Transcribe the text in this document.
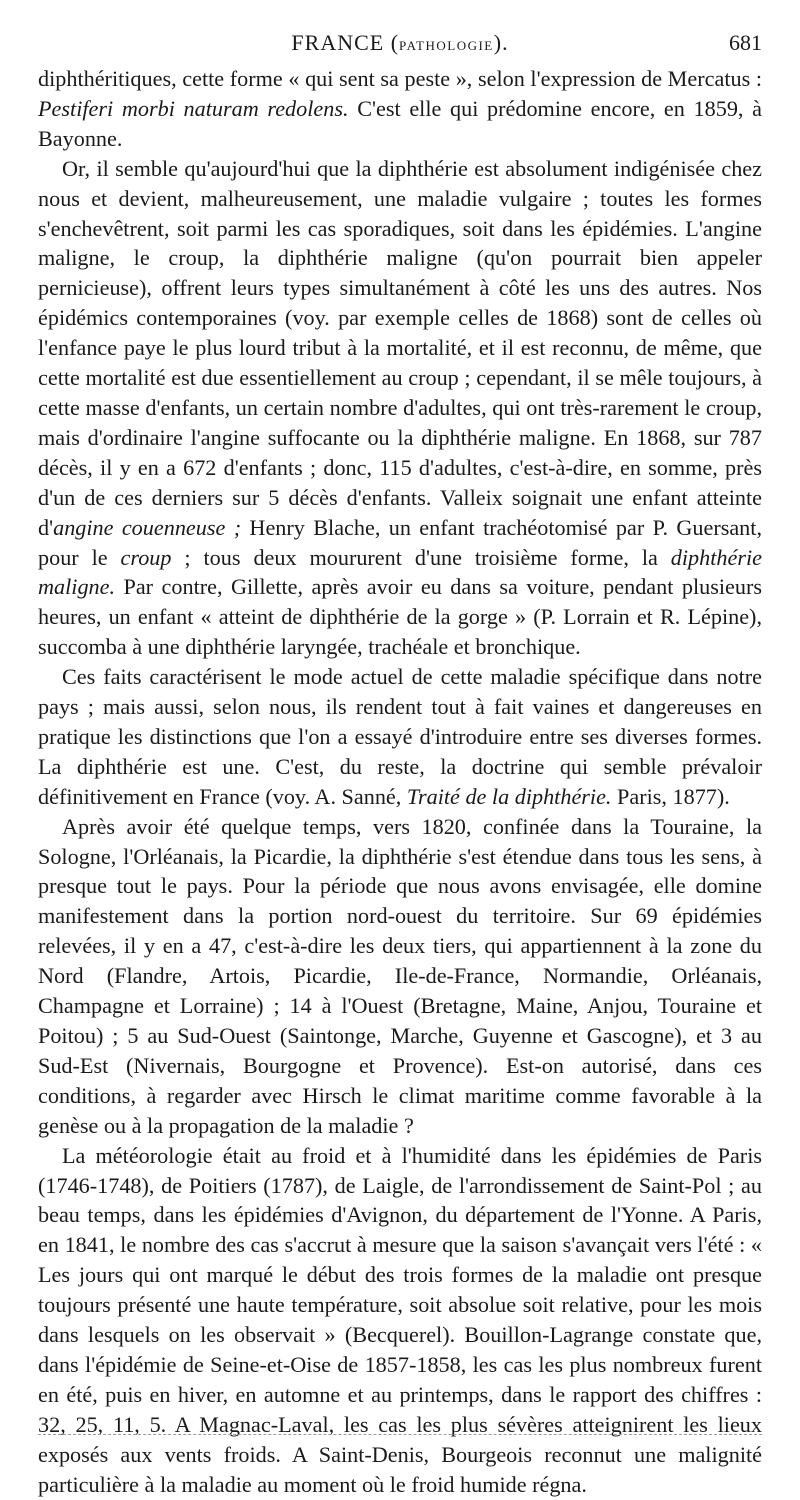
FRANCE (PATHOLOGIE).	681

diphthéritiques, cette forme « qui sent sa peste », selon l'expression de Mercatus : Pestiferi morbi naturam redolens. C'est elle qui prédomine encore, en 1859, à Bayonne.

Or, il semble qu'aujourd'hui que la diphthérie est absolument indigénisée chez nous et devient, malheureusement, une maladie vulgaire ; toutes les formes s'enchevêtrent, soit parmi les cas sporadiques, soit dans les épidémies. L'angine maligne, le croup, la diphthérie maligne (qu'on pourrait bien appeler pernicieuse), offrent leurs types simultanément à côté les uns des autres. Nos épidémics contemporaines (voy. par exemple celles de 1868) sont de celles où l'enfance paye le plus lourd tribut à la mortalité, et il est reconnu, de même, que cette mortalité est due essentiellement au croup ; cependant, il se mêle toujours, à cette masse d'enfants, un certain nombre d'adultes, qui ont très-rarement le croup, mais d'ordinaire l'angine suffocante ou la diphthérie maligne. En 1868, sur 787 décès, il y en a 672 d'enfants ; donc, 115 d'adultes, c'est-à-dire, en somme, près d'un de ces derniers sur 5 décès d'enfants. Valleix soignait une enfant atteinte d'angine couenneuse ; Henry Blache, un enfant trachéotomisé par P. Guersant, pour le croup ; tous deux moururent d'une troisième forme, la diphthérie maligne. Par contre, Gillette, après avoir eu dans sa voiture, pendant plusieurs heures, un enfant « atteint de diphthérie de la gorge » (P. Lorrain et R. Lépine), succomba à une diphthérie laryngée, trachéale et bronchique.

Ces faits caractérisent le mode actuel de cette maladie spécifique dans notre pays ; mais aussi, selon nous, ils rendent tout à fait vaines et dangereuses en pratique les distinctions que l'on a essayé d'introduire entre ses diverses formes. La diphthérie est une. C'est, du reste, la doctrine qui semble prévaloir définitivement en France (voy. A. Sanné, Traité de la diphthérie. Paris, 1877).

Après avoir été quelque temps, vers 1820, confinée dans la Touraine, la Sologne, l'Orléanais, la Picardie, la diphthérie s'est étendue dans tous les sens, à presque tout le pays. Pour la période que nous avons envisagée, elle domine manifestement dans la portion nord-ouest du territoire. Sur 69 épidémies relevées, il y en a 47, c'est-à-dire les deux tiers, qui appartiennent à la zone du Nord (Flandre, Artois, Picardie, Ile-de-France, Normandie, Orléanais, Champagne et Lorraine) ; 14 à l'Ouest (Bretagne, Maine, Anjou, Touraine et Poitou) ; 5 au Sud-Ouest (Saintonge, Marche, Guyenne et Gascogne), et 3 au Sud-Est (Nivernais, Bourgogne et Provence). Est-on autorisé, dans ces conditions, à regarder avec Hirsch le climat maritime comme favorable à la genèse ou à la propagation de la maladie ?

La météorologie était au froid et à l'humidité dans les épidémies de Paris (1746-1748), de Poitiers (1787), de Laigle, de l'arrondissement de Saint-Pol ; au beau temps, dans les épidémies d'Avignon, du département de l'Yonne. A Paris, en 1841, le nombre des cas s'accrut à mesure que la saison s'avançait vers l'été : « Les jours qui ont marqué le début des trois formes de la maladie ont presque toujours présenté une haute température, soit absolue soit relative, pour les mois dans lesquels on les observait » (Becquerel). Bouillon-Lagrange constate que, dans l'épidémie de Seine-et-Oise de 1857-1858, les cas les plus nombreux furent en été, puis en hiver, en automne et au printemps, dans le rapport des chiffres : 32, 25, 11, 5. A Magnac-Laval, les cas les plus sévères atteignirent les lieux exposés aux vents froids. A Saint-Denis, Bourgeois reconnut une malignité particulière à la maladie au moment où le froid humide régna.
